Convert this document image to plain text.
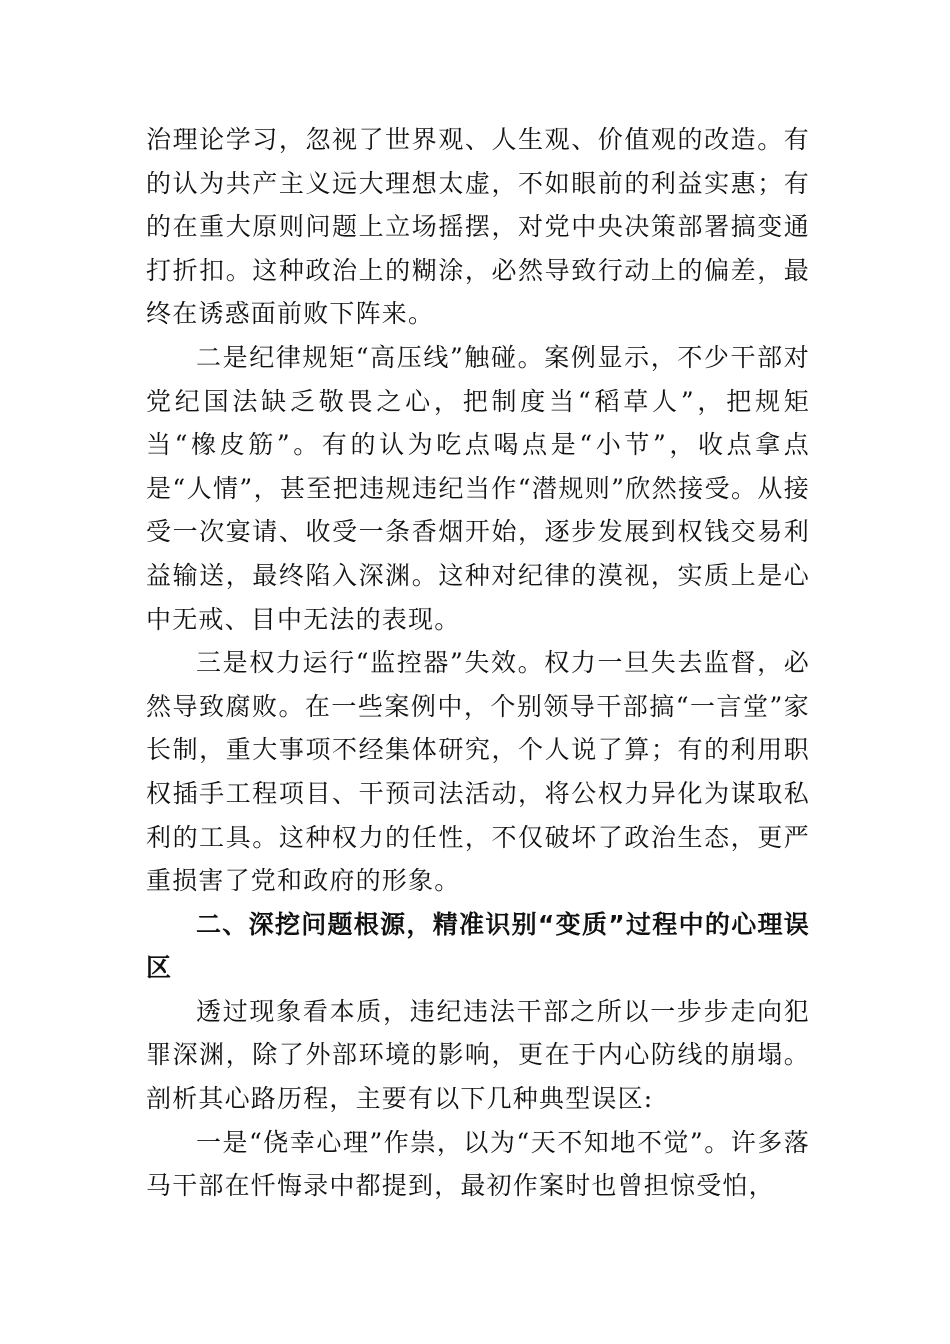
治理论学习，忽视了世界观、人生观、价值观的改造。有的认为共产主义远大理想太虚，不如眼前的利益实惠；有的在重大原则问题上立场摇摆，对党中央决策部署搞变通打折扣。这种政治上的糊涂，必然导致行动上的偏差，最终在诱惑面前败下阵来。

二是纪律规矩“高压线”触碰。案例显示，不少干部对党纪国法缺乏敬畏之心，把制度当“稻草人”，把规矩当“橡皮筋”。有的认为吃点喝点是“小节”，收点拿点是“人情”，甚至把违规违纪当作“潜规则”欣然接受。从接受一次宴请、收受一条香烟开始，逐步发展到权钱交易利益输送，最终陷入深渊。这种对纪律的漠视，实质上是心中无戒、目中无法的表现。

三是权力运行“监控器”失效。权力一旦失去监督，必然导致腐败。在一些案例中，个别领导干部搞“一言堂”家长制，重大事项不经集体研究，个人说了算；有的利用职权插手工程项目、干预司法活动，将公权力异化为谋取私利的工具。这种权力的任性，不仅破坏了政治生态，更严重损害了党和政府的形象。

二、深挖问题根源，精准识别“变质”过程中的心理误区

透过现象看本质，违纪违法干部之所以一步步走向犯罪深渊，除了外部环境的影响，更在于内心防线的崩塌。剖析其心路历程，主要有以下几种典型误区:

一是“侥幸心理”作祟，以为“天不知地不觉”。许多落马干部在忏悔录中都提到，最初作案时也曾担惊受怕，
